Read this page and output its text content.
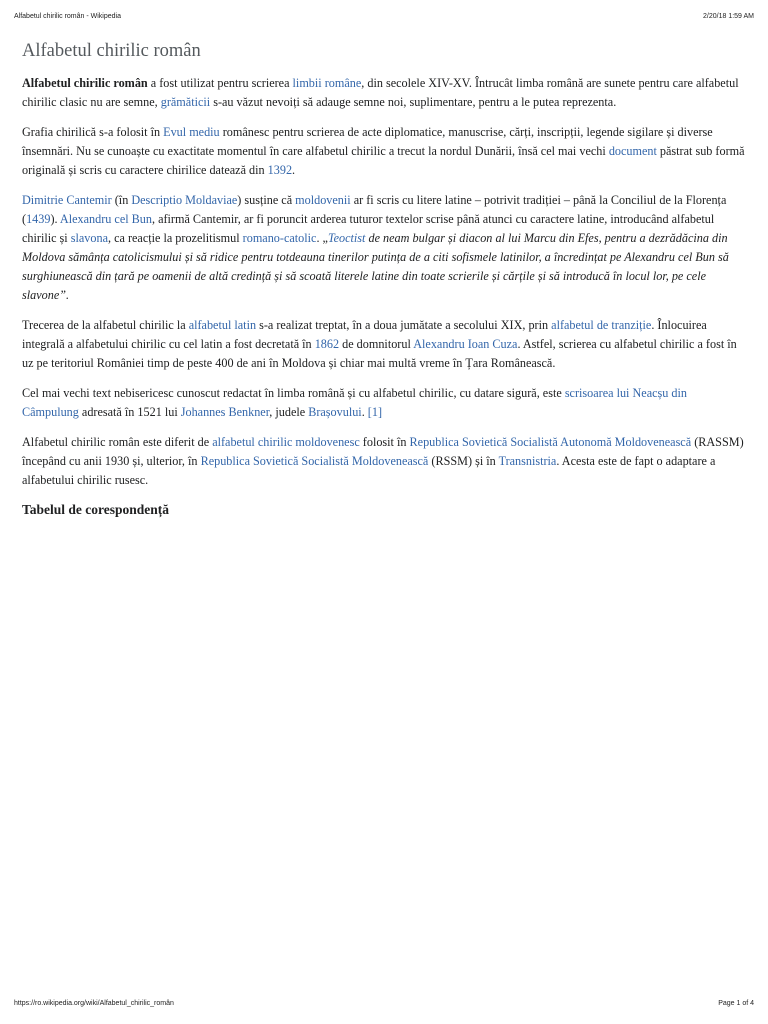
Alfabetul chirilic român - Wikipedia	2/20/18 1:59 AM
Alfabetul chirilic român

Alfabetul chirilic român a fost utilizat pentru scrierea limbii române, din secolele XIV-XV. Întrucât limba română are sunete pentru care alfabetul chirilic clasic nu are semne, grămăticii s-au văzut nevoiți să adauge semne noi, suplimentare, pentru a le putea reprezenta.

Grafia chirilică s-a folosit în Evul mediu românesc pentru scrierea de acte diplomatice, manuscrise, cărți, inscripții, legende sigilare și diverse însemnări. Nu se cunoaște cu exactitate momentul în care alfabetul chirilic a trecut la nordul Dunării, însă cel mai vechi document păstrat sub formă originală și scris cu caractere chirilice datează din 1392.

Dimitrie Cantemir (în Descriptio Moldaviae) susține că moldovenii ar fi scris cu litere latine – potrivit tradiției – până la Conciliul de la Florența (1439). Alexandru cel Bun, afirmă Cantemir, ar fi poruncit arderea tuturor textelor scrise până atunci cu caractere latine, introducând alfabetul chirilic și slavona, ca reacție la prozelitismul romano-catolic. „Teoctist de neam bulgar și diacon al lui Marcu din Efes, pentru a dezrădăcina din Moldova sămânța catolicismului și să ridice pentru totdeauna tinerilor putința de a citi sofismele latinilor, a încredințat pe Alexandru cel Bun să surghiunească din țară pe oamenii de altă credință și să scoată literele latine din toate scrierile și cărțile și să introducă în locul lor, pe cele slavone”.

Trecerea de la alfabetul chirilic la alfabetul latin s-a realizat treptat, în a doua jumătate a secolului XIX, prin alfabetul de tranziție. Înlocuirea integrală a alfabetului chirilic cu cel latin a fost decretată în 1862 de domnitorul Alexandru Ioan Cuza. Astfel, scrierea cu alfabetul chirilic a fost în uz pe teritoriul României timp de peste 400 de ani în Moldova și chiar mai multă vreme în Țara Românească.

Cel mai vechi text nebisericesc cunoscut redactat în limba română și cu alfabetul chirilic, cu datare sigură, este scrisoarea lui Neacșu din Câmpulung adresată în 1521 lui Johannes Benkner, judele Brașovului. [1]

Alfabetul chirilic român este diferit de alfabetul chirilic moldovenesc folosit în Republica Sovietică Socialistă Autonomă Moldovenească (RASSM) începând cu anii 1930 și, ulterior, în Republica Sovietică Socialistă Moldovenească (RSSM) și în Transnistria. Acesta este de fapt o adaptare a alfabetului chirilic rusesc.

Tabelul de corespondență
https://ro.wikipedia.org/wiki/Alfabetul_chirilic_român	Page 1 of 4
